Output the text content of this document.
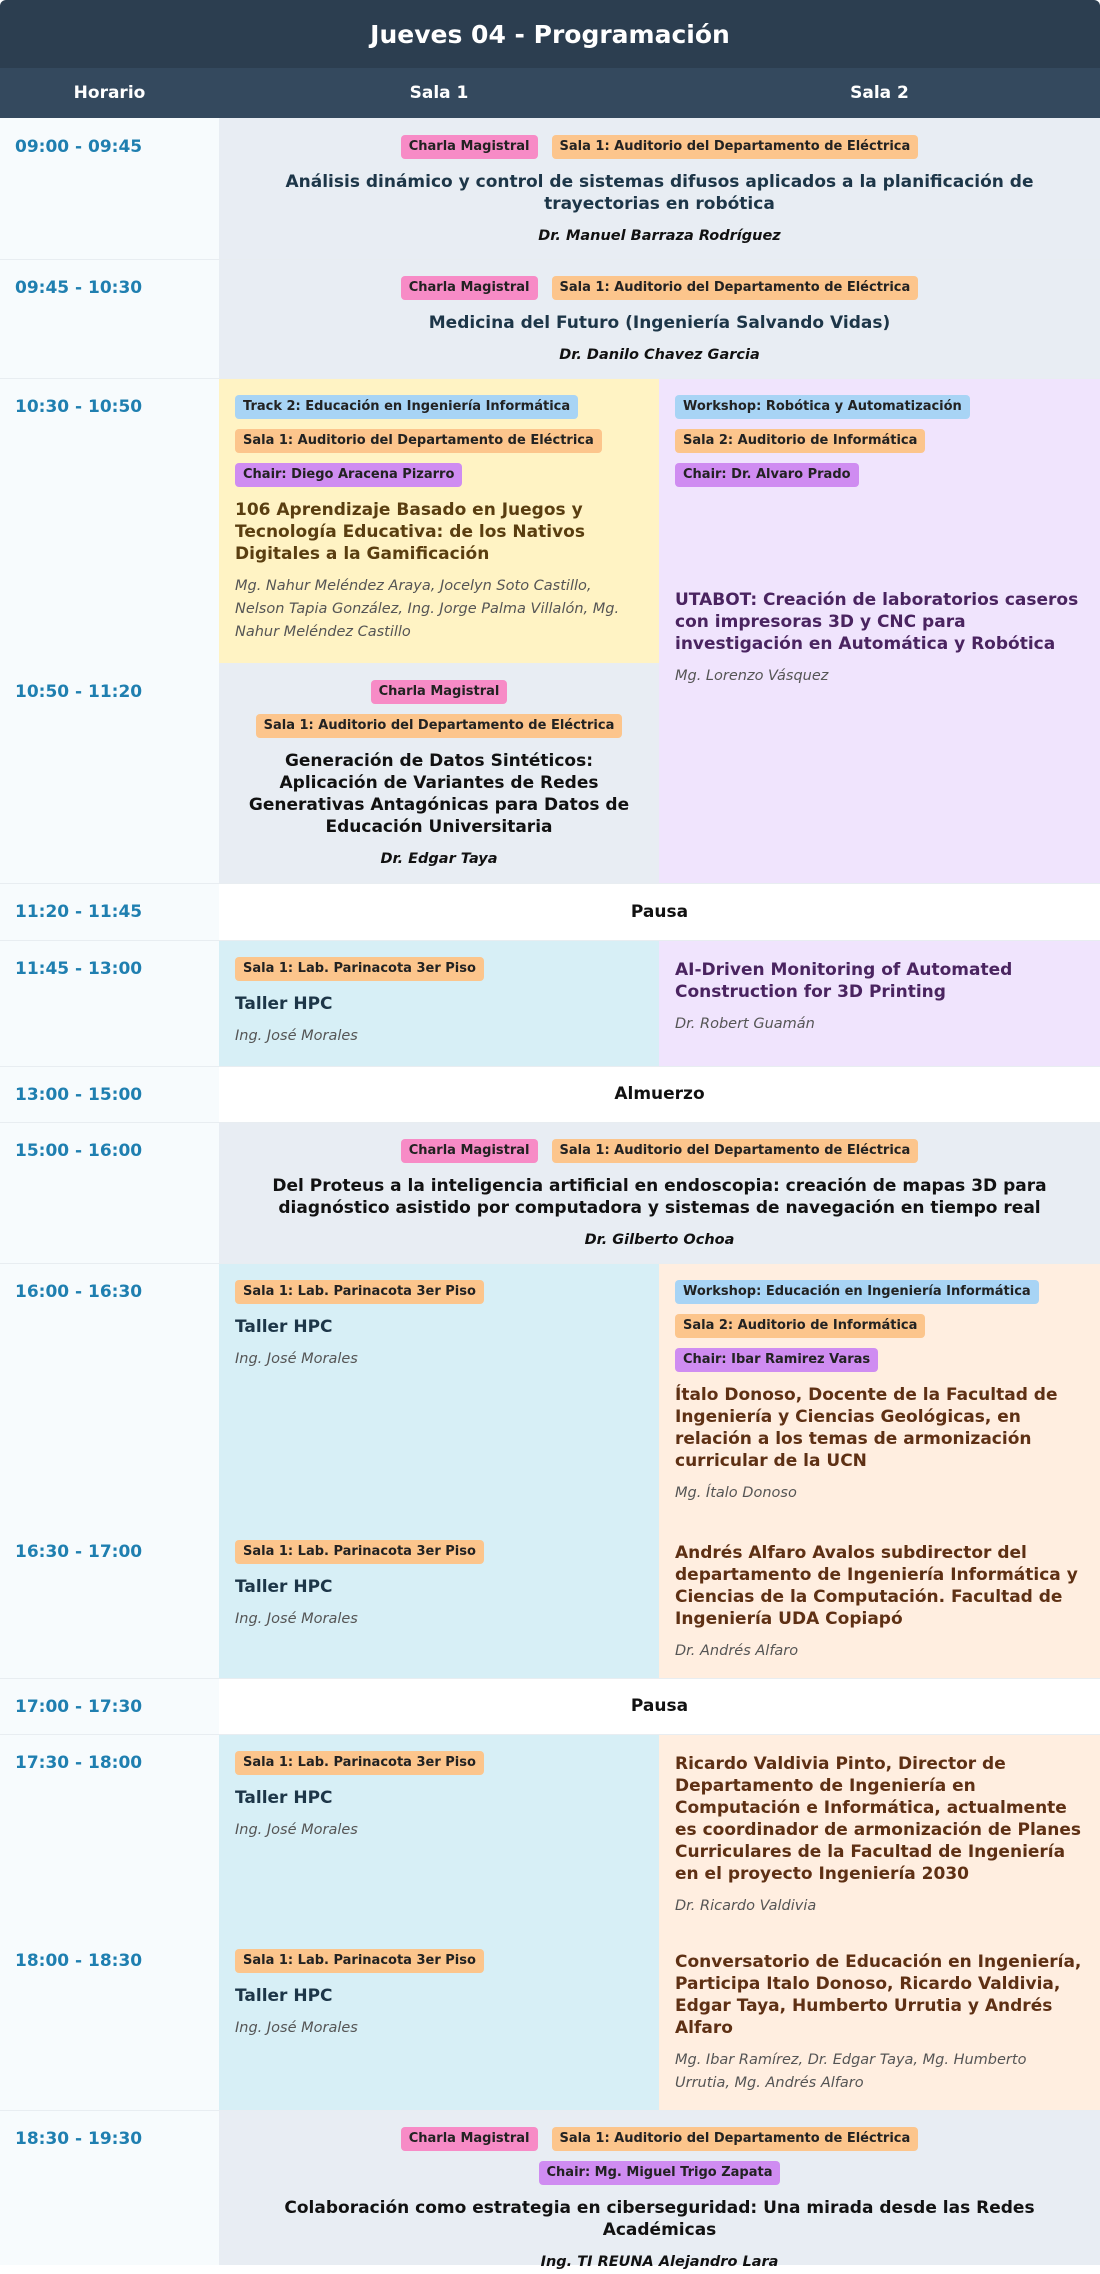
Jueves 04 - Programación
Horario	Sala 1	Sala 2
09:00 - 09:45
09:45 - 10:30
10:30 - 10:50
10:50 - 11:20
11:20 - 11:45
11:45 - 13:00
13:00 - 15:00
15:00 - 16:00
16:00 - 16:30
16:30 - 17:00
17:00 - 17:30
17:30 - 18:00
18:00 - 18:30
18:30 - 19:30
Charla Magistral Sala 1: Auditorio del Departamento de Eléctrica
Análisis dinámico y control de sistemas difusos aplicados a la planificación de trayectorias en robótica
Dr. Manuel Barraza Rodríguez
Charla Magistral Sala 1: Auditorio del Departamento de Eléctrica
Medicina del Futuro (Ingeniería Salvando Vidas)
Dr. Danilo Chavez Garcia
Track 2: Educación en Ingeniería Informática
Sala 1: Auditorio del Departamento de Eléctrica
Chair: Diego Aracena Pizarro
106 Aprendizaje Basado en Juegos y Tecnología Educativa: de los Nativos Digitales a la Gamificación
Mg. Nahur Meléndez Araya, Jocelyn Soto Castillo, Nelson Tapia González, Ing. Jorge Palma Villalón, Mg. Nahur Meléndez Castillo
Workshop: Robótica y Automatización
Sala 2: Auditorio de Informática
Chair: Dr. Alvaro Prado
UTABOT: Creación de laboratorios caseros con impresoras 3D y CNC para investigación en Automática y Robótica
Mg. Lorenzo Vásquez
Charla Magistral
Sala 1: Auditorio del Departamento de Eléctrica
Generación de Datos Sintéticos: Aplicación de Variantes de Redes Generativas Antagónicas para Datos de Educación Universitaria
Dr. Edgar Taya
Pausa
Sala 1: Lab. Parinacota 3er Piso
Taller HPC
Ing. José Morales
AI-Driven Monitoring of Automated Construction for 3D Printing
Dr. Robert Guamán
Almuerzo
Charla Magistral Sala 1: Auditorio del Departamento de Eléctrica
Del Proteus a la inteligencia artificial en endoscopia: creación de mapas 3D para diagnóstico asistido por computadora y sistemas de navegación en tiempo real
Dr. Gilberto Ochoa
Sala 1: Lab. Parinacota 3er Piso
Taller HPC
Ing. José Morales
Workshop: Educación en Ingeniería Informática
Sala 2: Auditorio de Informática
Chair: Ibar Ramirez Varas
Ítalo Donoso, Docente de la Facultad de Ingeniería y Ciencias Geológicas, en relación a los temas de armonización curricular de la UCN
Mg. Ítalo Donoso
Sala 1: Lab. Parinacota 3er Piso
Taller HPC
Ing. José Morales
Andrés Alfaro Avalos subdirector del departamento de Ingeniería Informática y Ciencias de la Computación. Facultad de Ingeniería UDA Copiapó
Dr. Andrés Alfaro
Pausa
Sala 1: Lab. Parinacota 3er Piso
Taller HPC
Ing. José Morales
Ricardo Valdivia Pinto, Director de Departamento de Ingeniería en Computación e Informática, actualmente es coordinador de armonización de Planes Curriculares de la Facultad de Ingeniería en el proyecto Ingeniería 2030
Dr. Ricardo Valdivia
Sala 1: Lab. Parinacota 3er Piso
Taller HPC
Ing. José Morales
Conversatorio de Educación en Ingeniería, Participa Italo Donoso, Ricardo Valdivia, Edgar Taya, Humberto Urrutia y Andrés Alfaro
Mg. Ibar Ramírez, Dr. Edgar Taya, Mg. Humberto Urrutia, Mg. Andrés Alfaro
Charla Magistral Sala 1: Auditorio del Departamento de Eléctrica
Chair: Mg. Miguel Trigo Zapata
Colaboración como estrategia en ciberseguridad: Una mirada desde las Redes Académicas
Ing. TI REUNA Alejandro Lara
